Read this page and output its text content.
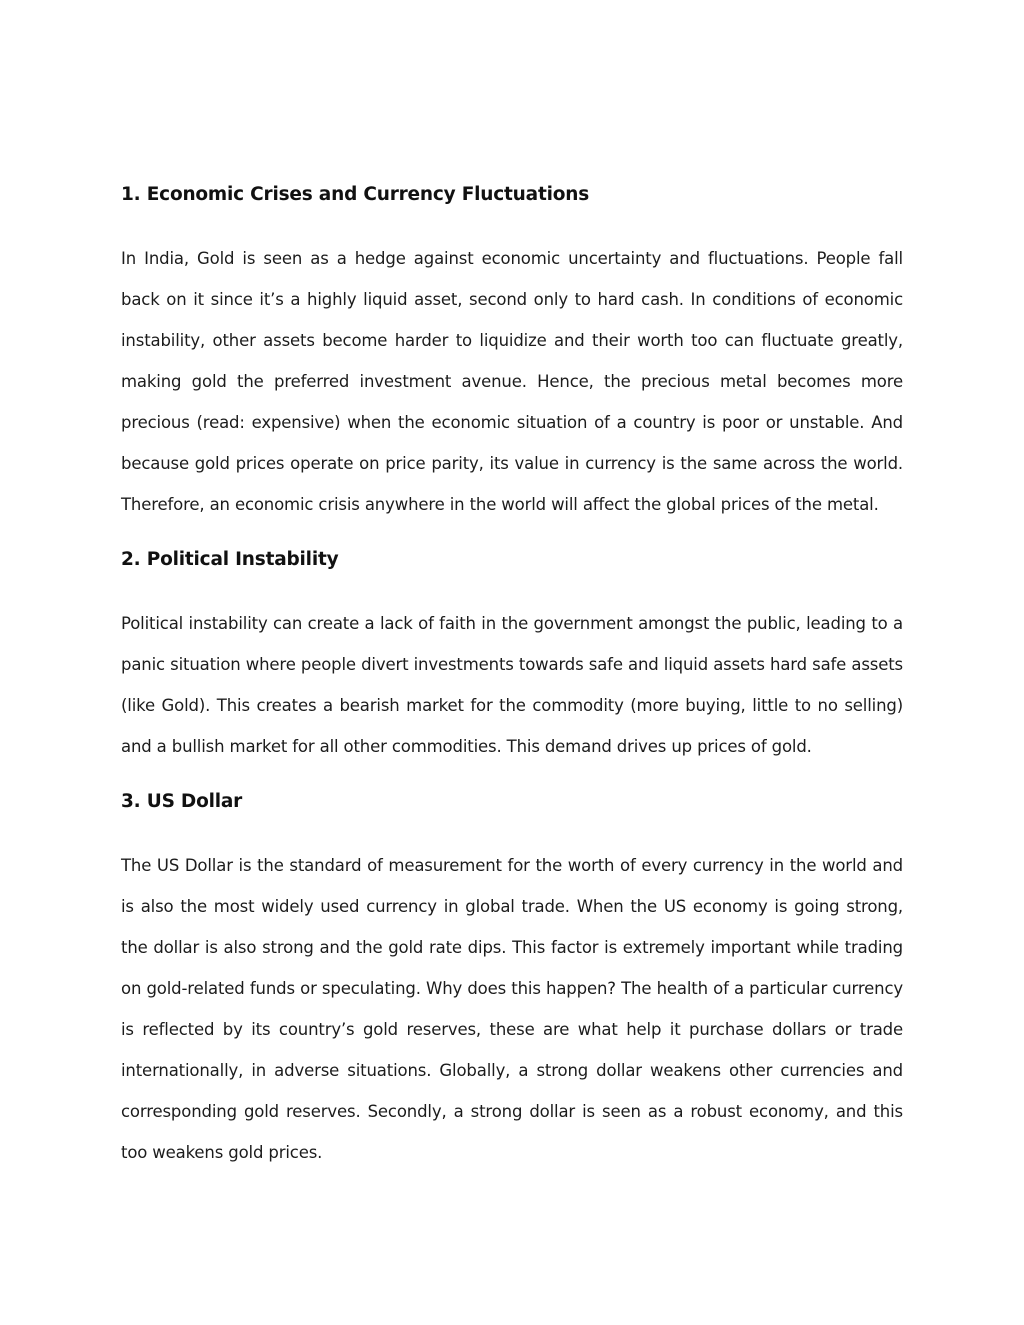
1. Economic Crises and Currency Fluctuations

In India, Gold is seen as a hedge against economic uncertainty and fluctuations. People fall back on it since it’s a highly liquid asset, second only to hard cash. In conditions of economic instability, other assets become harder to liquidize and their worth too can fluctuate greatly, making gold the preferred investment avenue. Hence, the precious metal becomes more precious (read: expensive) when the economic situation of a country is poor or unstable. And because gold prices operate on price parity, its value in currency is the same across the world. Therefore, an economic crisis anywhere in the world will affect the global prices of the metal.

2. Political Instability

Political instability can create a lack of faith in the government amongst the public, leading to a panic situation where people divert investments towards safe and liquid assets hard safe assets (like Gold). This creates a bearish market for the commodity (more buying, little to no selling) and a bullish market for all other commodities. This demand drives up prices of gold.

3. US Dollar

The US Dollar is the standard of measurement for the worth of every currency in the world and is also the most widely used currency in global trade. When the US economy is going strong, the dollar is also strong and the gold rate dips. This factor is extremely important while trading on gold-related funds or speculating. Why does this happen? The health of a particular currency is reflected by its country’s gold reserves, these are what help it purchase dollars or trade internationally, in adverse situations. Globally, a strong dollar weakens other currencies and corresponding gold reserves. Secondly, a strong dollar is seen as a robust economy, and this too weakens gold prices.
